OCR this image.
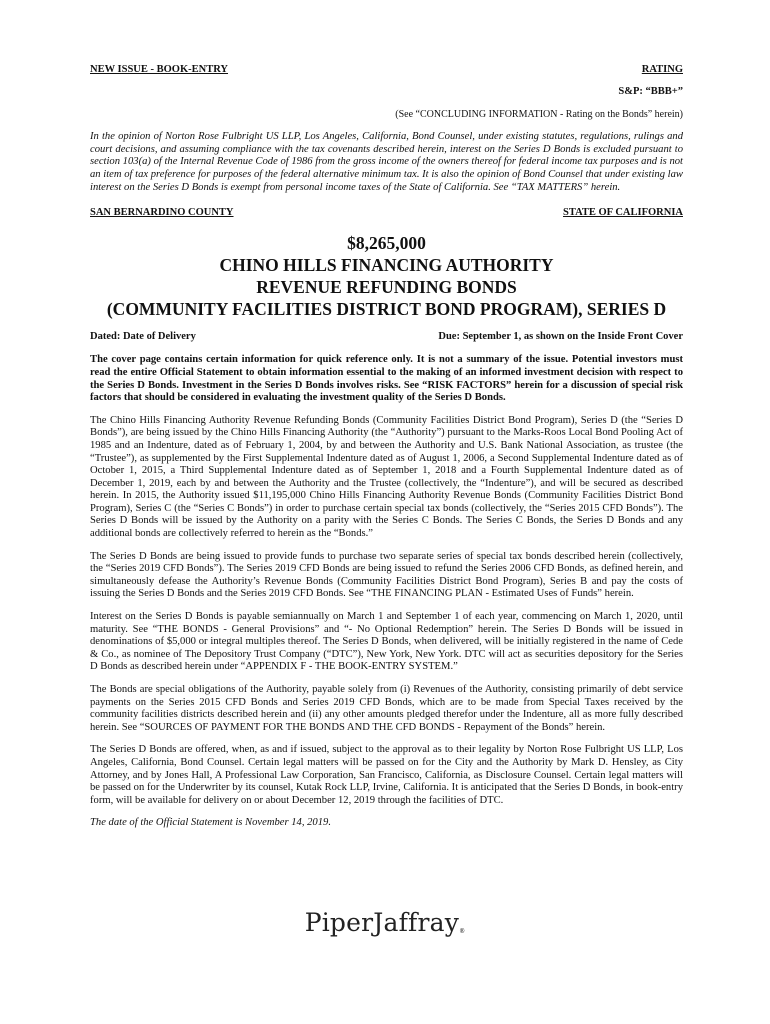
NEW ISSUE - BOOK-ENTRY	RATING
S&P: “BBB+”
(See “CONCLUDING INFORMATION - Rating on the Bonds” herein)

In the opinion of Norton Rose Fulbright US LLP, Los Angeles, California, Bond Counsel, under existing statutes, regulations, rulings and court decisions, and assuming compliance with the tax covenants described herein, interest on the Series D Bonds is excluded pursuant to section 103(a) of the Internal Revenue Code of 1986 from the gross income of the owners thereof for federal income tax purposes and is not an item of tax preference for purposes of the federal alternative minimum tax. It is also the opinion of Bond Counsel that under existing law interest on the Series D Bonds is exempt from personal income taxes of the State of California. See “TAX MATTERS” herein.

SAN BERNARDINO COUNTY	STATE OF CALIFORNIA
$8,265,000
CHINO HILLS FINANCING AUTHORITY
REVENUE REFUNDING BONDS
(COMMUNITY FACILITIES DISTRICT BOND PROGRAM), SERIES D
Dated: Date of Delivery	Due: September 1, as shown on the Inside Front Cover

The cover page contains certain information for quick reference only. It is not a summary of the issue. Potential investors must read the entire Official Statement to obtain information essential to the making of an informed investment decision with respect to the Series D Bonds. Investment in the Series D Bonds involves risks. See “RISK FACTORS” herein for a discussion of special risk factors that should be considered in evaluating the investment quality of the Series D Bonds.

The Chino Hills Financing Authority Revenue Refunding Bonds (Community Facilities District Bond Program), Series D (the “Series D Bonds”), are being issued by the Chino Hills Financing Authority (the “Authority”) pursuant to the Marks-Roos Local Bond Pooling Act of 1985 and an Indenture, dated as of February 1, 2004, by and between the Authority and U.S. Bank National Association, as trustee (the “Trustee”), as supplemented by the First Supplemental Indenture dated as of August 1, 2006, a Second Supplemental Indenture dated as of October 1, 2015, a Third Supplemental Indenture dated as of September 1, 2018 and a Fourth Supplemental Indenture dated as of December 1, 2019, each by and between the Authority and the Trustee (collectively, the “Indenture”), and will be secured as described herein. In 2015, the Authority issued $11,195,000 Chino Hills Financing Authority Revenue Bonds (Community Facilities District Bond Program), Series C (the “Series C Bonds”) in order to purchase certain special tax bonds (collectively, the “Series 2015 CFD Bonds”). The Series D Bonds will be issued by the Authority on a parity with the Series C Bonds. The Series C Bonds, the Series D Bonds and any additional bonds are collectively referred to herein as the “Bonds.”

The Series D Bonds are being issued to provide funds to purchase two separate series of special tax bonds described herein (collectively, the “Series 2019 CFD Bonds”). The Series 2019 CFD Bonds are being issued to refund the Series 2006 CFD Bonds, as defined herein, and simultaneously defease the Authority’s Revenue Bonds (Community Facilities District Bond Program), Series B and pay the costs of issuing the Series D Bonds and the Series 2019 CFD Bonds. See “THE FINANCING PLAN - Estimated Uses of Funds” herein.

Interest on the Series D Bonds is payable semiannually on March 1 and September 1 of each year, commencing on March 1, 2020, until maturity. See “THE BONDS - General Provisions” and “- No Optional Redemption” herein. The Series D Bonds will be issued in denominations of $5,000 or integral multiples thereof. The Series D Bonds, when delivered, will be initially registered in the name of Cede & Co., as nominee of The Depository Trust Company (“DTC”), New York, New York. DTC will act as securities depository for the Series D Bonds as described herein under “APPENDIX F - THE BOOK-ENTRY SYSTEM.”

The Bonds are special obligations of the Authority, payable solely from (i) Revenues of the Authority, consisting primarily of debt service payments on the Series 2015 CFD Bonds and Series 2019 CFD Bonds, which are to be made from Special Taxes received by the community facilities districts described herein and (ii) any other amounts pledged therefor under the Indenture, all as more fully described herein. See “SOURCES OF PAYMENT FOR THE BONDS AND THE CFD BONDS - Repayment of the Bonds” herein.

The Series D Bonds are offered, when, as and if issued, subject to the approval as to their legality by Norton Rose Fulbright US LLP, Los Angeles, California, Bond Counsel. Certain legal matters will be passed on for the City and the Authority by Mark D. Hensley, as City Attorney, and by Jones Hall, A Professional Law Corporation, San Francisco, California, as Disclosure Counsel. Certain legal matters will be passed on for the Underwriter by its counsel, Kutak Rock LLP, Irvine, California. It is anticipated that the Series D Bonds, in book-entry form, will be available for delivery on or about December 12, 2019 through the facilities of DTC.

The date of the Official Statement is November 14, 2019.

PiperJaffray®
